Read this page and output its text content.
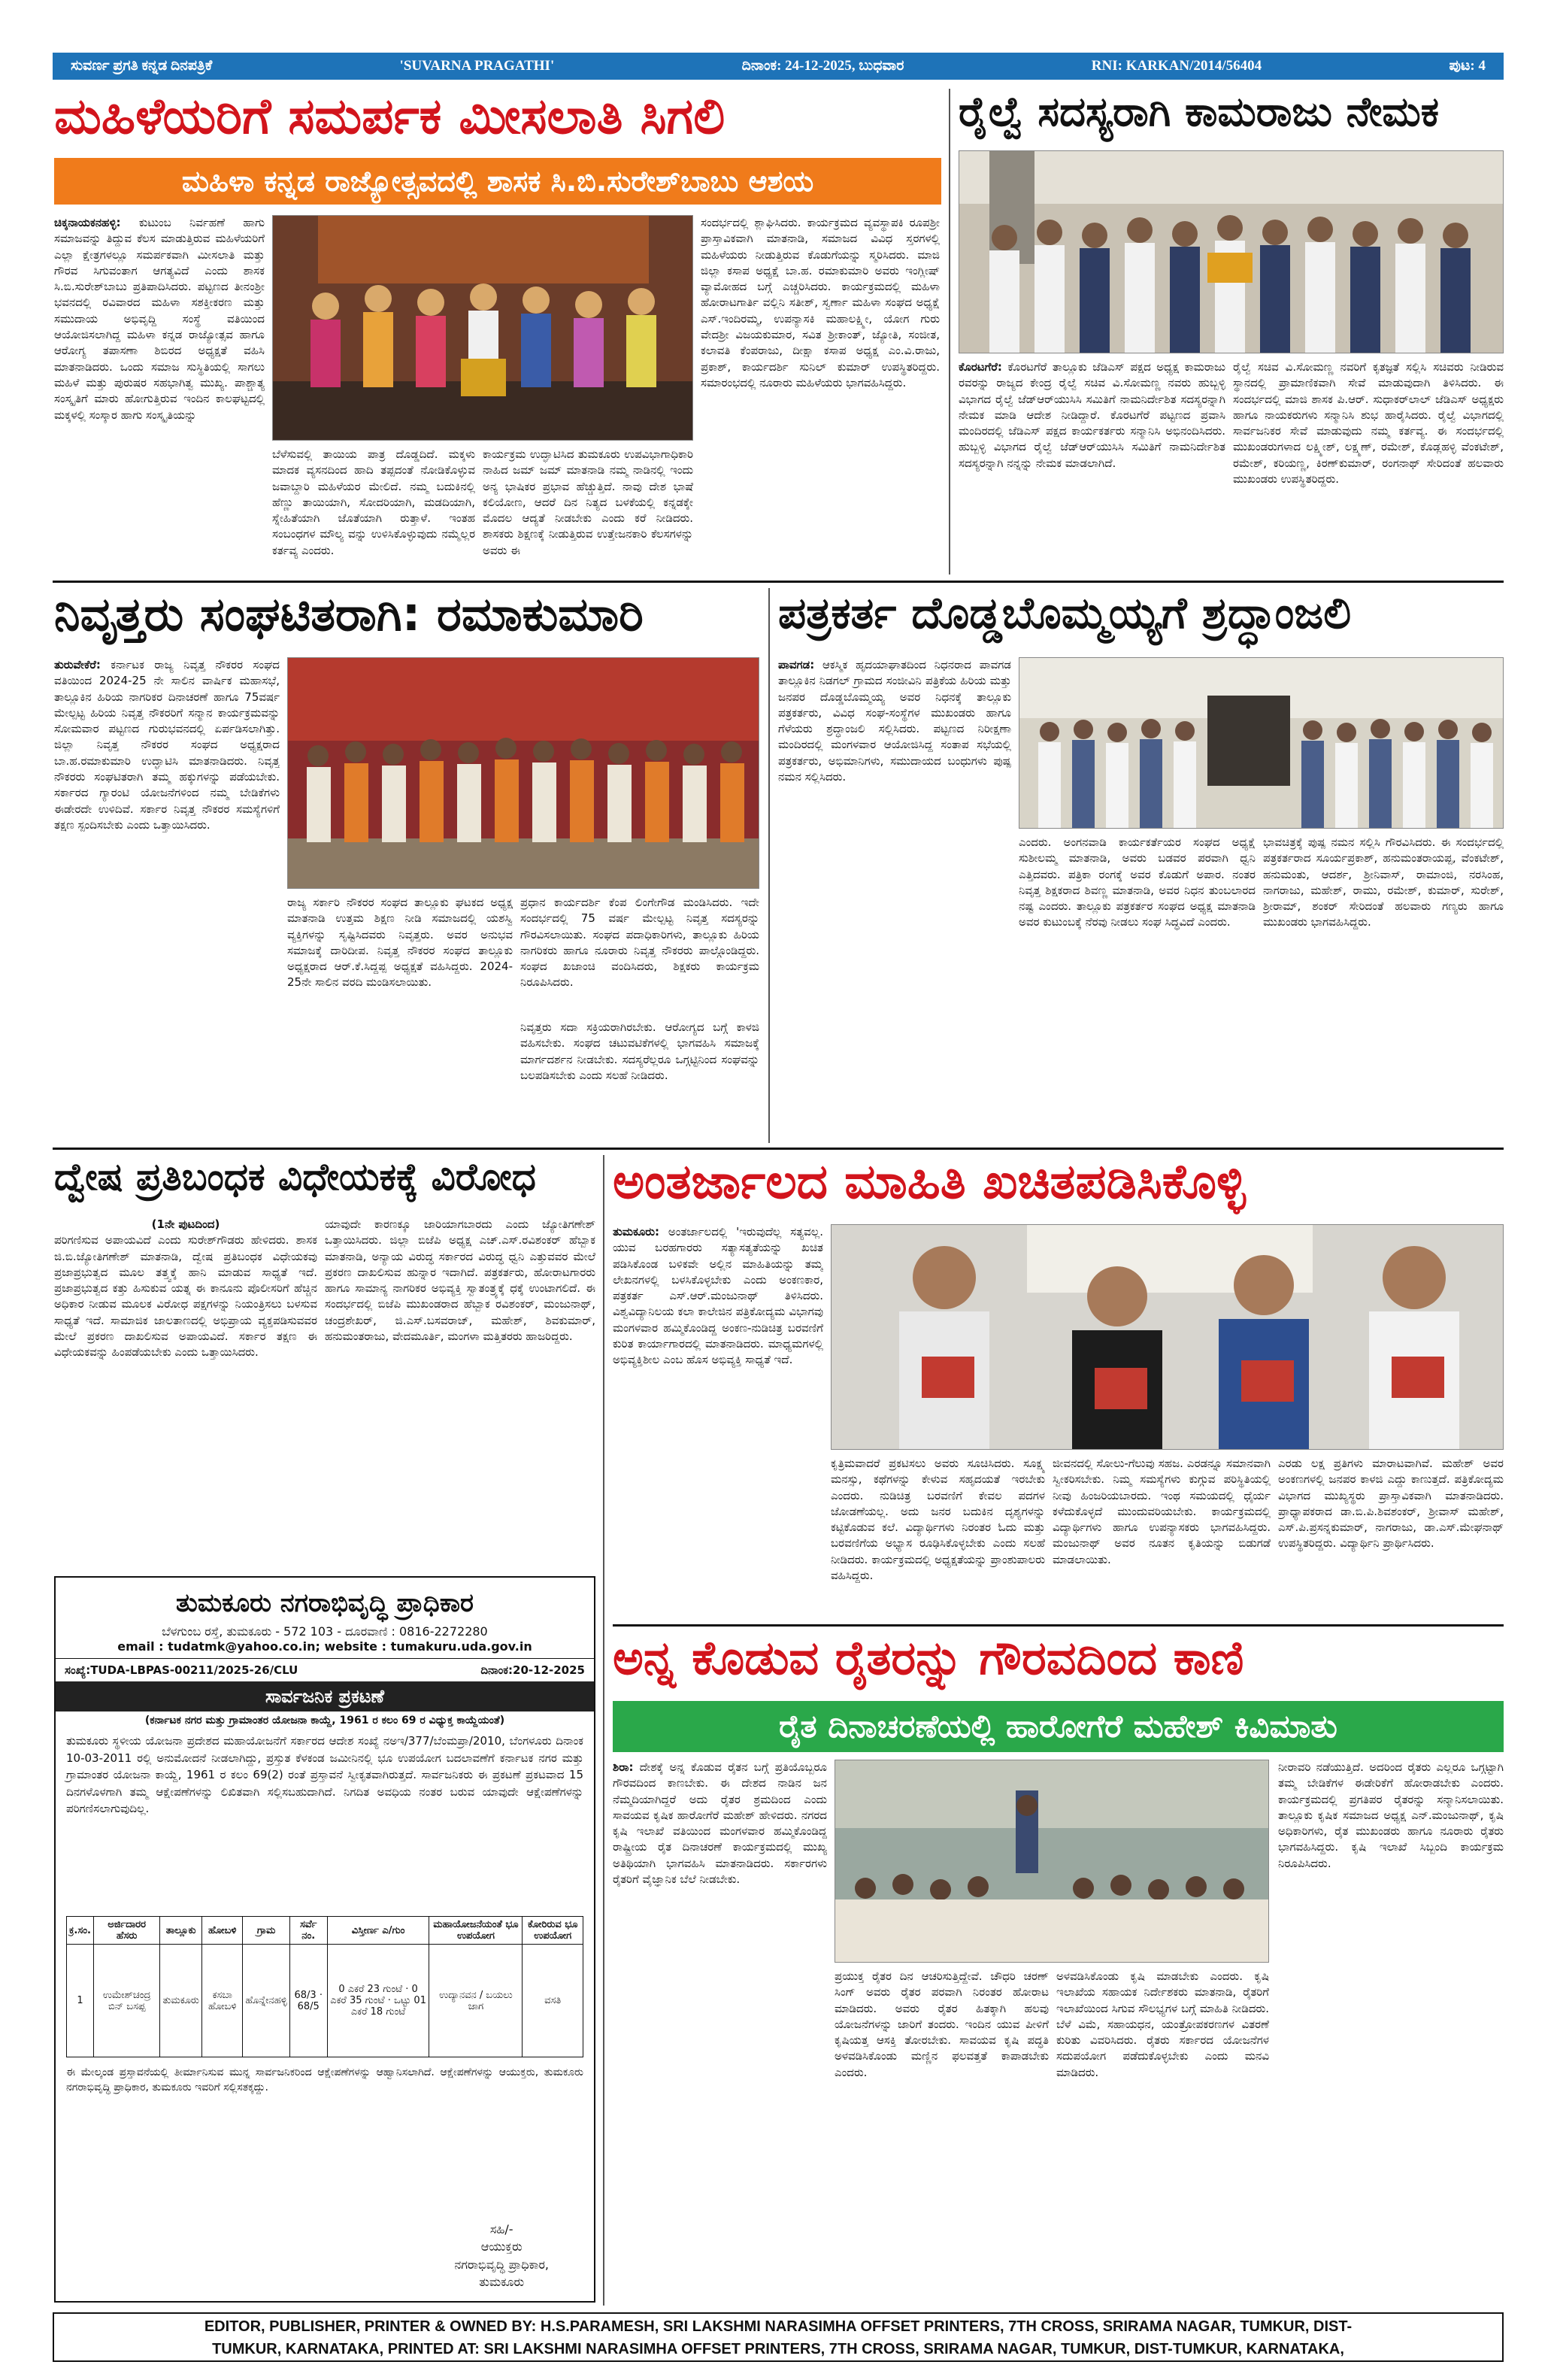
ಸುವರ್ಣ ಪ್ರಗತಿ ಕನ್ನಡ ದಿನಪತ್ರಿಕೆ	'SUVARNA PRAGATHI'	ದಿನಾಂಕ: 24-12-2025, ಬುಧವಾರ	RNI: KARKAN/2014/56404	ಪುಟ: 4
ಮಹಿಳೆಯರಿಗೆ ಸಮರ್ಪಕ ಮೀಸಲಾತಿ ಸಿಗಲಿ
ಮಹಿಳಾ ಕನ್ನಡ ರಾಜ್ಯೋತ್ಸವದಲ್ಲಿ ಶಾಸಕ ಸಿ.ಬಿ.ಸುರೇಶ್‌ಬಾಬು ಆಶಯ
ಚಿಕ್ಕನಾಯಕನಹಳ್ಳಿ: ಕುಟುಂಬ ನಿರ್ವಹಣೆ ಹಾಗು ಸಮಾಜವನ್ನು ತಿದ್ದುವ ಕೆಲಸ ಮಾಡುತ್ತಿರುವ ಮಹಿಳೆಯರಿಗೆ ಎಲ್ಲಾ ಕ್ಷೇತ್ರಗಳಲ್ಲೂ ಸಮರ್ಪಕವಾಗಿ ಮೀಸಲಾತಿ ಮತ್ತು ಗೌರವ ಸಿಗುವಂತಾಗ ಆಗತ್ಯವಿದೆ ಎಂದು ಶಾಸಕ ಸಿ.ಬಿ.ಸುರೇಶ್‌ಬಾಬು ಪ್ರತಿಪಾದಿಸಿದರು. ಪಟ್ಟಣದ ತೀನಂಶ್ರೀ ಭವನದಲ್ಲಿ ರವಿವಾರದ ಮಹಿಳಾ ಸಶಕ್ತೀಕರಣ ಮತ್ತು ಸಮುದಾಯ ಅಭಿವೃದ್ದಿ ಸಂಸ್ಥೆ ವತಿಯಿಂದ ಆಯೋಜಿಸಲಾಗಿದ್ದ ಮಹಿಳಾ ಕನ್ನಡ ರಾಜ್ಯೋತ್ಸವ ಹಾಗೂ ಆರೋಗ್ಯ ತಪಾಸಣಾ ಶಿಬಿರದ ಅಧ್ಯಕ್ಷತೆ ವಹಿಸಿ ಮಾತನಾಡಿದರು. ಒಂದು ಸಮಾಜ ಸುಸ್ಥಿತಿಯಲ್ಲಿ ಸಾಗಲು ಮಹಿಳೆ ಮತ್ತು ಪುರುಷರ ಸಹಭಾಗಿತ್ವ ಮುಖ್ಯ. ಪಾಶ್ಚಾತ್ಯ ಸಂಸ್ಕೃತಿಗೆ ಮಾರು ಹೋಗುತ್ತಿರುವ ಇಂದಿನ ಕಾಲಘಟ್ಟದಲ್ಲಿ ಮಕ್ಕಳಲ್ಲಿ ಸಂಸ್ಕಾರ ಹಾಗು ಸಂಸ್ಕೃತಿಯನ್ನು
ಬೆಳೆಸುವಲ್ಲಿ ತಾಯಿಯ ಪಾತ್ರ ದೊಡ್ಡದಿದೆ. ಮಕ್ಕಳು ಮಾದಕ ವ್ಯಸನದಿಂದ ಹಾದಿ ತಪ್ಪದಂತೆ ನೋಡಿಕೊಳ್ಳುವ ಜವಾಬ್ದಾರಿ ಮಹಿಳೆಯರ ಮೇಲಿದೆ. ನಮ್ಮ ಬದುಕಿನಲ್ಲಿ ಹೆಣ್ಣು ತಾಯಿಯಾಗಿ, ಸೋದರಿಯಾಗಿ, ಮಡದಿಯಾಗಿ, ಸ್ನೇಹಿತೆಯಾಗಿ ಜೊತೆಯಾಗಿ ರುತ್ತಾಳೆ. ಇಂತಹ ಸಂಬಂಧಗಳ ಮೌಲ್ಯ ವನ್ನು ಉಳಿಸಿಕೊಳ್ಳುವುದು ನಮ್ಮೆಲ್ಲರ ಕರ್ತವ್ಯ ಎಂದರು.
ಕಾರ್ಯಕ್ರಮ ಉದ್ಘಾಟಿಸಿದ ತುಮಕೂರು ಉಪವಿಭಾಗಾಧಿಕಾರಿ ನಾಹಿದ ಜಮ್ ಜಮ್ ಮಾತನಾಡಿ ನಮ್ಮ ನಾಡಿನಲ್ಲಿ ಇಂದು ಅನ್ಯ ಭಾಷಿಕರ ಪ್ರಭಾವ ಹೆಚ್ಚುತ್ತಿದೆ. ನಾವು ದೇಶ ಭಾಷೆ ಕಲಿಯೋಣ, ಆದರೆ ದಿನ ನಿತ್ಯದ ಬಳಕೆಯಲ್ಲಿ ಕನ್ನಡಕ್ಕೇ ಮೊದಲ ಆದ್ಯತೆ ನೀಡಬೇಕು ಎಂದು ಕರೆ ನೀಡಿದರು. ಶಾಸಕರು ಶಿಕ್ಷಣಕ್ಕೆ ನೀಡುತ್ತಿರುವ ಉತ್ತೇಜನಕಾರಿ ಕೆಲಸಗಳನ್ನು ಅವರು ಈ
ಸಂದರ್ಭದಲ್ಲಿ ಶ್ಲಾಘಿಸಿದರು. ಕಾರ್ಯಕ್ರಮದ ವ್ಯವಸ್ಥಾಪಕಿ ರೂಪಶ್ರೀ ಪ್ರಾಸ್ತಾವಿಕವಾಗಿ ಮಾತನಾಡಿ, ಸಮಾಜದ ವಿವಿಧ ಸ್ತರಗಳಲ್ಲಿ ಮಹಿಳೆಯರು ನೀಡುತ್ತಿರುವ ಕೊಡುಗೆಯನ್ನು ಸ್ಮರಿಸಿದರು. ಮಾಜಿ ಜಿಲ್ಲಾ ಕಸಾಪ ಅಧ್ಯಕ್ಷೆ ಬಾ.ಹ. ರಮಾಕುಮಾರಿ ಅವರು ಇಂಗ್ಲೀಷ್ ವ್ಯಾಮೋಹದ ಬಗ್ಗೆ ಎಚ್ಚರಿಸಿದರು. ಕಾರ್ಯಕ್ರಮದಲ್ಲಿ ಮಹಿಳಾ ಹೋರಾಟಗಾರ್ತಿ ವಲ್ಲಿನಿ ಸತೀಶ್, ಸ್ವರ್ಣಾ ಮಹಿಳಾ ಸಂಘದ ಅಧ್ಯಕ್ಷೆ ಎಸ್.ಇಂದಿರಮ್ಮ, ಉಪನ್ಯಾಸಕಿ ಮಹಾಲಕ್ಷ್ಮೀ, ಯೋಗ ಗುರು ವೇದಶ್ರೀ ವಿಜಯಕುಮಾರ, ಸವಿತ ಶ್ರೀಕಾಂತ್, ಜ್ಯೋತಿ, ಸಂಜೀತ, ಕಲಾವತಿ ಕೆಂಪರಾಜು, ದೀಕ್ಷಾ ಕಸಾಪ ಅಧ್ಯಕ್ಷ ಎಂ.ವಿ.ರಾಜು, ಪ್ರಕಾಶ್, ಕಾರ್ಯದರ್ಶಿ ಸುನಿಲ್ ಕುಮಾರ್ ಉಪಸ್ಥಿತರಿದ್ದರು. ಸಮಾರಂಭದಲ್ಲಿ ನೂರಾರು ಮಹಿಳೆಯರು ಭಾಗವಹಿಸಿದ್ದರು.
ರೈಲ್ವೆ ಸದಸ್ಯರಾಗಿ ಕಾಮರಾಜು ನೇಮಕ
ಕೊರಟಗೆರೆ: ಕೊರಟಗೆರೆ ತಾಲ್ಲೂಕು ಜೆಡಿಎಸ್ ಪಕ್ಷದ ಅಧ್ಯಕ್ಷ ಕಾಮರಾಜು ರವರನ್ನು ರಾಜ್ಯದ ಕೇಂದ್ರ ರೈಲ್ವೆ ಸಚಿವ ವಿ.ಸೋಮಣ್ಣ ನವರು ಹುಬ್ಬಳ್ಳಿ ವಿಭಾಗದ ರೈಲ್ವೆ ಜೆಡ್‌ಆರ್‌ಯುಸಿಸಿ ಸಮಿತಿಗೆ ನಾಮನಿರ್ದೇಶಿತ ಸದಸ್ಯರನ್ನಾಗಿ ನೇಮಕ ಮಾಡಿ ಆದೇಶ ನೀಡಿದ್ದಾರೆ. ಕೊರಟಗೆರೆ ಪಟ್ಟಣದ ಪ್ರವಾಸಿ ಮಂದಿರದಲ್ಲಿ ಜೆಡಿಎಸ್ ಪಕ್ಷದ ಕಾರ್ಯಕರ್ತರು ಸನ್ಮಾನಿಸಿ ಅಭಿನಂದಿಸಿದರು. ಹುಬ್ಬಳ್ಳಿ ವಿಭಾಗದ ರೈಲ್ವೆ ಜೆಡ್‌ಆರ್‌ಯುಸಿಸಿ ಸಮಿತಿಗೆ ನಾಮನಿರ್ದೇಶಿತ ಸದಸ್ಯರನ್ನಾಗಿ ನನ್ನನ್ನು ನೇಮಕ ಮಾಡಲಾಗಿದೆ.
ರೈಲ್ವೆ ಸಚಿವ ವಿ.ಸೋಮಣ್ಣ ನವರಿಗೆ ಕೃತಜ್ಞತೆ ಸಲ್ಲಿಸಿ ಸಚಿವರು ನೀಡಿರುವ ಸ್ಥಾನದಲ್ಲಿ ಪ್ರಾಮಾಣಿಕವಾಗಿ ಸೇವೆ ಮಾಡುವುದಾಗಿ ತಿಳಿಸಿದರು. ಈ ಸಂದರ್ಭದಲ್ಲಿ ಮಾಜಿ ಶಾಸಕ ಪಿ.ಆರ್. ಸುಧಾಕರ್‌ಲಾಲ್ ಜೆಡಿಎಸ್ ಅಧ್ಯಕ್ಷರು ಹಾಗೂ ನಾಯಕರುಗಳು ಸನ್ಮಾನಿಸಿ ಶುಭ ಹಾರೈಸಿದರು. ರೈಲ್ವೆ ವಿಭಾಗದಲ್ಲಿ ಸಾರ್ವಜನಿಕರ ಸೇವೆ ಮಾಡುವುದು ನಮ್ಮ ಕರ್ತವ್ಯ. ಈ ಸಂದರ್ಭದಲ್ಲಿ ಮುಖಂಡರುಗಳಾದ ಲಕ್ಷ್ಮೀಶ್, ಲಕ್ಷ್ಮಣ್, ರಮೇಶ್, ಕೊಡ್ಲಹಳ್ಳಿ ವೆಂಕಟೇಶ್, ರಮೇಶ್, ಕರಿಯಣ್ಣ, ಕಿರಣ್‌ಕುಮಾರ್, ರಂಗನಾಥ್ ಸೇರಿದಂತೆ ಹಲವಾರು ಮುಖಂಡರು ಉಪಸ್ಥಿತರಿದ್ದರು.
ನಿವೃತ್ತರು ಸಂಘಟಿತರಾಗಿ: ರಮಾಕುಮಾರಿ
ತುರುವೇಕೆರೆ: ಕರ್ನಾಟಕ ರಾಜ್ಯ ನಿವೃತ್ತ ನೌಕರರ ಸಂಘದ ವತಿಯಿಂದ 2024-25 ನೇ ಸಾಲಿನ ವಾರ್ಷಿಕ ಮಹಾಸಭೆ, ತಾಲ್ಲೂಕಿನ ಹಿರಿಯ ನಾಗರಿಕರ ದಿನಾಚರಣೆ ಹಾಗೂ 75ವರ್ಷ ಮೇಲ್ಪಟ್ಟ ಹಿರಿಯ ನಿವೃತ್ತ ನೌಕರರಿಗೆ ಸನ್ಮಾನ ಕಾರ್ಯಕ್ರಮವನ್ನು ಸೋಮವಾರ ಪಟ್ಟಣದ ಗುರುಭವನದಲ್ಲಿ ಏರ್ಪಡಿಸಲಾಗಿತ್ತು. ಜಿಲ್ಲಾ ನಿವೃತ್ತ ನೌಕರರ ಸಂಘದ ಅಧ್ಯಕ್ಷರಾದ ಬಾ.ಹ.ರಮಾಕುಮಾರಿ ಉದ್ಘಾಟಿಸಿ ಮಾತನಾಡಿದರು. ನಿವೃತ್ತ ನೌಕರರು ಸಂಘಟಿತರಾಗಿ ತಮ್ಮ ಹಕ್ಕುಗಳನ್ನು ಪಡೆಯಬೇಕು. ಸರ್ಕಾರದ ಗ್ಯಾರಂಟಿ ಯೋಜನೆಗಳಿಂದ ನಮ್ಮ ಬೇಡಿಕೆಗಳು ಈಡೇರದೇ ಉಳಿದಿವೆ. ಸರ್ಕಾರ ನಿವೃತ್ತ ನೌಕರರ ಸಮಸ್ಯೆಗಳಿಗೆ ತಕ್ಷಣ ಸ್ಪಂದಿಸಬೇಕು ಎಂದು ಒತ್ತಾಯಿಸಿದರು.
ರಾಜ್ಯ ಸರ್ಕಾರಿ ನೌಕರರ ಸಂಘದ ತಾಲ್ಲೂಕು ಘಟಕದ ಅಧ್ಯಕ್ಷ ಮಾತನಾಡಿ ಉತ್ತಮ ಶಿಕ್ಷಣ ನೀಡಿ ಸಮಾಜದಲ್ಲಿ ಯಶಸ್ವಿ ವ್ಯಕ್ತಿಗಳನ್ನು ಸೃಷ್ಟಿಸಿದವರು ನಿವೃತ್ತರು. ಅವರ ಅನುಭವ ಸಮಾಜಕ್ಕೆ ದಾರಿದೀಪ. ನಿವೃತ್ತ ನೌಕರರ ಸಂಘದ ತಾಲ್ಲೂಕು ಅಧ್ಯಕ್ಷರಾದ ಆರ್.ಕೆ.ಸಿದ್ದಪ್ಪ ಅಧ್ಯಕ್ಷತೆ ವಹಿಸಿದ್ದರು. 2024-25ನೇ ಸಾಲಿನ ವರದಿ ಮಂಡಿಸಲಾಯಿತು.
ಪ್ರಧಾನ ಕಾರ್ಯದರ್ಶಿ ಕೆಂಪ ಲಿಂಗೇಗೌಡ ಮಂಡಿಸಿದರು. ಇದೇ ಸಂದರ್ಭದಲ್ಲಿ 75 ವರ್ಷ ಮೇಲ್ಪಟ್ಟ ನಿವೃತ್ತ ಸದಸ್ಯರನ್ನು ಗೌರವಿಸಲಾಯಿತು. ಸಂಘದ ಪದಾಧಿಕಾರಿಗಳು, ತಾಲ್ಲೂಕು ಹಿರಿಯ ನಾಗರಿಕರು ಹಾಗೂ ನೂರಾರು ನಿವೃತ್ತ ನೌಕರರು ಪಾಲ್ಗೊಂಡಿದ್ದರು. ಸಂಘದ ಖಜಾಂಚಿ ವಂದಿಸಿದರು, ಶಿಕ್ಷಕರು ಕಾರ್ಯಕ್ರಮ ನಿರೂಪಿಸಿದರು.
ನಿವೃತ್ತರು ಸದಾ ಸಕ್ರಿಯರಾಗಿರಬೇಕು. ಆರೋಗ್ಯದ ಬಗ್ಗೆ ಕಾಳಜಿ ವಹಿಸಬೇಕು. ಸಂಘದ ಚಟುವಟಿಕೆಗಳಲ್ಲಿ ಭಾಗವಹಿಸಿ ಸಮಾಜಕ್ಕೆ ಮಾರ್ಗದರ್ಶನ ನೀಡಬೇಕು. ಸದಸ್ಯರೆಲ್ಲರೂ ಒಗ್ಗಟ್ಟಿನಿಂದ ಸಂಘವನ್ನು ಬಲಪಡಿಸಬೇಕು ಎಂದು ಸಲಹೆ ನೀಡಿದರು.
ಪತ್ರಕರ್ತ ದೊಡ್ಡಬೊಮ್ಮಯ್ಯಗೆ ಶ್ರದ್ಧಾಂಜಲಿ
ಪಾವಗಡ: ಆಕಸ್ಮಿಕ ಹೃದಯಾಘಾತದಿಂದ ನಿಧನರಾದ ಪಾವಗಡ ತಾಲ್ಲೂಕಿನ ನಿಡಗಲ್ ಗ್ರಾಮದ ಸಂಜೀವಿನಿ ಪತ್ರಿಕೆಯ ಹಿರಿಯ ಮತ್ತು ಜನಪರ ದೊಡ್ಡಬೊಮ್ಮಯ್ಯ ಅವರ ನಿಧನಕ್ಕೆ ತಾಲ್ಲೂಕು ಪತ್ರಕರ್ತರು, ವಿವಿಧ ಸಂಘ-ಸಂಸ್ಥೆಗಳ ಮುಖಂಡರು ಹಾಗೂ ಗೆಳೆಯರು ಶ್ರದ್ಧಾಂಜಲಿ ಸಲ್ಲಿಸಿದರು. ಪಟ್ಟಣದ ನಿರೀಕ್ಷಣಾ ಮಂದಿರದಲ್ಲಿ ಮಂಗಳವಾರ ಆಯೋಜಿಸಿದ್ದ ಸಂತಾಪ ಸಭೆಯಲ್ಲಿ ಪತ್ರಕರ್ತರು, ಅಭಿಮಾನಿಗಳು, ಸಮುದಾಯದ ಬಂಧುಗಳು ಪುಷ್ಪ ನಮನ ಸಲ್ಲಿಸಿದರು.
ಎಂದರು. ಅಂಗನವಾಡಿ ಕಾರ್ಯಕರ್ತೆಯರ ಸಂಘದ ಅಧ್ಯಕ್ಷೆ ಸುಶೀಲಮ್ಮ ಮಾತನಾಡಿ, ಅವರು ಬಡವರ ಪರವಾಗಿ ಧ್ವನಿ ಎತ್ತಿದವರು. ಪತ್ರಿಕಾ ರಂಗಕ್ಕೆ ಅವರ ಕೊಡುಗೆ ಅಪಾರ. ನಂತರ ನಿವೃತ್ತ ಶಿಕ್ಷಕರಾದ ಶಿವಣ್ಣ ಮಾತನಾಡಿ, ಅವರ ನಿಧನ ತುಂಬಲಾರದ ನಷ್ಟ ಎಂದರು. ತಾಲ್ಲೂಕು ಪತ್ರಕರ್ತರ ಸಂಘದ ಅಧ್ಯಕ್ಷ ಮಾತನಾಡಿ ಅವರ ಕುಟುಂಬಕ್ಕೆ ನೆರವು ನೀಡಲು ಸಂಘ ಸಿದ್ಧವಿದೆ ಎಂದರು.
ಭಾವಚಿತ್ರಕ್ಕೆ ಪುಷ್ಪ ನಮನ ಸಲ್ಲಿಸಿ ಗೌರವಿಸಿದರು. ಈ ಸಂದರ್ಭದಲ್ಲಿ ಪತ್ರಕರ್ತರಾದ ಸೂರ್ಯಪ್ರಕಾಶ್, ಹನುಮಂತರಾಯಪ್ಪ, ವೆಂಕಟೇಶ್, ಹನುಮಂತು, ಆದರ್ಶ, ಶ್ರೀನಿವಾಸ್, ರಾಮಾಂಜಿ, ನರಸಿಂಹ, ನಾಗರಾಜು, ಮಹೇಶ್, ರಾಮು, ರಮೇಶ್, ಕುಮಾರ್, ಸುರೇಶ್, ಶ್ರೀರಾಮ್, ಶಂಕರ್ ಸೇರಿದಂತೆ ಹಲವಾರು ಗಣ್ಯರು ಹಾಗೂ ಮುಖಂಡರು ಭಾಗವಹಿಸಿದ್ದರು.
ದ್ವೇಷ ಪ್ರತಿಬಂಧಕ ವಿಧೇಯಕಕ್ಕೆ ವಿರೋಧ
(1ನೇ ಪುಟದಿಂದ)
ಪರಿಗಣಿಸುವ ಅಪಾಯವಿದೆ ಎಂದು ಸುರೇಶ್‌ಗೌಡರು ಹೇಳಿದರು. ಶಾಸಕ ಜಿ.ಬಿ.ಜ್ಯೋತಿಗಣೇಶ್ ಮಾತನಾಡಿ, ದ್ವೇಷ ಪ್ರತಿಬಂಧಕ ವಿಧೇಯಕವು ಪ್ರಜಾಪ್ರಭುತ್ವದ ಮೂಲ ತತ್ತ್ವಕ್ಕೆ ಹಾನಿ ಮಾಡುವ ಸಾಧ್ಯತೆ ಇದೆ. ಪ್ರಜಾಪ್ರಭುತ್ವದ ಕತ್ತು ಹಿಸುಕುವ ಯತ್ನ ಈ ಕಾನೂನು ಪೊಲೀಸರಿಗೆ ಹೆಚ್ಚಿನ ಅಧಿಕಾರ ನೀಡುವ ಮೂಲಕ ವಿರೋಧ ಪಕ್ಷಗಳನ್ನು ನಿಯಂತ್ರಿಸಲು ಬಳಸುವ ಸಾಧ್ಯತೆ ಇದೆ. ಸಾಮಾಜಿಕ ಜಾಲತಾಣದಲ್ಲಿ ಅಭಿಪ್ರಾಯ ವ್ಯಕ್ತಪಡಿಸುವವರ ಮೇಲೆ ಪ್ರಕರಣ ದಾಖಲಿಸುವ ಅಪಾಯವಿದೆ. ಸರ್ಕಾರ ತಕ್ಷಣ ಈ ವಿಧೇಯಕವನ್ನು ಹಿಂಪಡೆಯಬೇಕು ಎಂದು ಒತ್ತಾಯಿಸಿದರು.
ಯಾವುದೇ ಕಾರಣಕ್ಕೂ ಜಾರಿಯಾಗಬಾರದು ಎಂದು ಜ್ಯೋತಿಗಣೇಶ್ ಒತ್ತಾಯಿಸಿದರು. ಜಿಲ್ಲಾ ಬಿಜೆಪಿ ಅಧ್ಯಕ್ಷ ಎಚ್.ಎಸ್.ರವಿಶಂಕರ್ ಹೆಬ್ಬಾಕ ಮಾತನಾಡಿ, ಅನ್ಯಾಯ ವಿರುದ್ಧ ಸರ್ಕಾರದ ವಿರುದ್ಧ ಧ್ವನಿ ಎತ್ತುವವರ ಮೇಲೆ ಪ್ರಕರಣ ದಾಖಲಿಸುವ ಹುನ್ನಾರ ಇದಾಗಿದೆ. ಪತ್ರಕರ್ತರು, ಹೋರಾಟಗಾರರು ಹಾಗೂ ಸಾಮಾನ್ಯ ನಾಗರಿಕರ ಅಭಿವ್ಯಕ್ತಿ ಸ್ವಾತಂತ್ರ್ಯಕ್ಕೆ ಧಕ್ಕೆ ಉಂಟಾಗಲಿದೆ. ಈ ಸಂದರ್ಭದಲ್ಲಿ ಬಿಜೆಪಿ ಮುಖಂಡರಾದ ಹೆಬ್ಬಾಕ ರವಿಶಂಕರ್, ಮಂಜುನಾಥ್, ಚಂದ್ರಶೇಖರ್, ಜಿ.ಎಸ್.ಬಸವರಾಜ್, ಮಹೇಶ್, ಶಿವಕುಮಾರ್, ಹನುಮಂತರಾಜು, ವೇದಮೂರ್ತಿ, ಮಂಗಳಾ ಮತ್ತಿತರರು ಹಾಜರಿದ್ದರು.
ತುಮಕೂರು ನಗರಾಭಿವೃದ್ಧಿ ಪ್ರಾಧಿಕಾರ
ಬೆಳಗುಂಬ ರಸ್ತೆ, ತುಮಕೂರು - 572 103 - ದೂರವಾಣಿ : 0816-2272280
email : tudatmk@yahoo.co.in; website : tumakuru.uda.gov.in
ಸಂಖ್ಯೆ:TUDA-LBPAS-00211/2025-26/CLU	ದಿನಾಂಕ:20-12-2025
ಸಾರ್ವಜನಿಕ ಪ್ರಕಟಣೆ
(ಕರ್ನಾಟಕ ನಗರ ಮತ್ತು ಗ್ರಾಮಾಂತರ ಯೋಜನಾ ಕಾಯ್ದೆ, 1961 ರ ಕಲಂ 69 ರ ವಿಧ್ಯುಕ್ತ ಕಾಯ್ದೆಯಂತೆ)
ತುಮಕೂರು ಸ್ಥಳೀಯ ಯೋಜನಾ ಪ್ರದೇಶದ ಮಹಾಯೋಜನೆಗೆ ಸರ್ಕಾರದ ಆದೇಶ ಸಂಖ್ಯೆ ನಅಇ/377/ಬೆಂಮಪ್ರಾ/2010, ಬೆಂಗಳೂರು ದಿನಾಂಕ 10-03-2011 ರಲ್ಲಿ ಅನುಮೋದನೆ ನೀಡಲಾಗಿದ್ದು, ಪ್ರಸ್ತುತ ಕೆಳಕಂಡ ಜಮೀನಿನಲ್ಲಿ ಭೂ ಉಪಯೋಗ ಬದಲಾವಣೆಗೆ ಕರ್ನಾಟಕ ನಗರ ಮತ್ತು ಗ್ರಾಮಾಂತರ ಯೋಜನಾ ಕಾಯ್ದೆ, 1961 ರ ಕಲಂ 69(2) ರಂತೆ ಪ್ರಸ್ತಾವನೆ ಸ್ವೀಕೃತವಾಗಿರುತ್ತದೆ. ಸಾರ್ವಜನಿಕರು ಈ ಪ್ರಕಟಣೆ ಪ್ರಕಟವಾದ 15 ದಿನಗಳೊಳಗಾಗಿ ತಮ್ಮ ಆಕ್ಷೇಪಣೆಗಳನ್ನು ಲಿಖಿತವಾಗಿ ಸಲ್ಲಿಸಬಹುದಾಗಿದೆ. ನಿಗದಿತ ಅವಧಿಯ ನಂತರ ಬರುವ ಯಾವುದೇ ಆಕ್ಷೇಪಣೆಗಳನ್ನು ಪರಿಗಣಿಸಲಾಗುವುದಿಲ್ಲ.
ಕ್ರ.ಸಂ.	ಅರ್ಜಿದಾರರ ಹೆಸರು	ತಾಲ್ಲೂಕು	ಹೋಬಳಿ	ಗ್ರಾಮ	ಸರ್ವೆ ನಂ.	ವಿಸ್ತೀರ್ಣ ಎ/ಗುಂ	ಮಹಾಯೋಜನೆಯಂತೆ ಭೂ ಉಪಯೋಗ	ಕೋರಿರುವ ಭೂ ಉಪಯೋಗ
1	ಉಮೇಶ್‌ಚಂದ್ರ ಬಿನ್ ಬಸಪ್ಪ	ತುಮಕೂರು	ಕಸಬಾ ಹೋಬಳಿ	ಹೊನ್ನೇನಹಳ್ಳಿ	68/3 · 68/5	0 ಎಕರೆ 23 ಗುಂಟೆ · 0 ಎಕರೆ 35 ಗುಂಟೆ · ಒಟ್ಟು 01 ಎಕರೆ 18 ಗುಂಟೆ	ಉದ್ಯಾನವನ / ಬಯಲು ಜಾಗ	ವಸತಿ
ಈ ಮೇಲ್ಕಂಡ ಪ್ರಸ್ತಾವನೆಯಲ್ಲಿ ತೀರ್ಮಾನಿಸುವ ಮುನ್ನ ಸಾರ್ವಜನಿಕರಿಂದ ಆಕ್ಷೇಪಣೆಗಳನ್ನು ಆಹ್ವಾನಿಸಲಾಗಿದೆ. ಆಕ್ಷೇಪಣೆಗಳನ್ನು ಆಯುಕ್ತರು, ತುಮಕೂರು ನಗರಾಭಿವೃದ್ಧಿ ಪ್ರಾಧಿಕಾರ, ತುಮಕೂರು ಇವರಿಗೆ ಸಲ್ಲಿಸತಕ್ಕದ್ದು.
ಸಹಿ/-
ಆಯುಕ್ತರು
ನಗರಾಭಿವೃದ್ಧಿ ಪ್ರಾಧಿಕಾರ,
ತುಮಕೂರು
ಅಂತರ್ಜಾಲದ ಮಾಹಿತಿ ಖಚಿತಪಡಿಸಿಕೊಳ್ಳಿ
ತುಮಕೂರು: ಅಂತರ್ಜಾಲದಲ್ಲಿ 'ಇರುವುದೆಲ್ಲ ಸತ್ಯವಲ್ಲ. ಯುವ ಬರಹಗಾರರು ಸತ್ಯಾಸತ್ಯತೆಯನ್ನು ಖಚಿತ ಪಡಿಸಿಕೊಂಡ ಬಳಿಕವೇ ಅಲ್ಲಿನ ಮಾಹಿತಿಯನ್ನು ತಮ್ಮ ಲೇಖನಗಳಲ್ಲಿ ಬಳಸಿಕೊಳ್ಳಬೇಕು ಎಂದು ಅಂಕಣಕಾರ, ಪತ್ರಕರ್ತ ಎಸ್.ಆರ್.ಮಂಜುನಾಥ್ ತಿಳಿಸಿದರು. ವಿಶ್ವವಿದ್ಯಾನಿಲಯ ಕಲಾ ಕಾಲೇಜಿನ ಪತ್ರಿಕೋದ್ಯಮ ವಿಭಾಗವು ಮಂಗಳವಾರ ಹಮ್ಮಿಕೊಂಡಿದ್ದ ಅಂಕಣ-ನುಡಿಚಿತ್ರ ಬರವಣಿಗೆ ಕುರಿತ ಕಾರ್ಯಾಗಾರದಲ್ಲಿ ಮಾತನಾಡಿದರು. ಮಾಧ್ಯಮಗಳಲ್ಲಿ ಅಭಿವ್ಯಕ್ತಿಶೀಲ ಎಂಬ ಹೊಸ ಅಭಿವ್ಯಕ್ತಿ ಸಾಧ್ಯತೆ ಇದೆ.
ಕೃತ್ರಿಮವಾದರೆ ಪ್ರಕಟಿಸಲು ಅವರು ಸೂಚಿಸಿದರು. ಸೂಕ್ಷ್ಮ ಮನಸ್ಸು, ಕಥೆಗಳನ್ನು ಕೇಳುವ ಸಹೃದಯತೆ ಇರಬೇಕು ಎಂದರು. ನುಡಿಚಿತ್ರ ಬರವಣಿಗೆ ಕೇವಲ ಪದಗಳ ಜೋಡಣೆಯಲ್ಲ. ಅದು ಜನರ ಬದುಕಿನ ದೃಶ್ಯಗಳನ್ನು ಕಟ್ಟಿಕೊಡುವ ಕಲೆ. ವಿದ್ಯಾರ್ಥಿಗಳು ನಿರಂತರ ಓದು ಮತ್ತು ಬರವಣಿಗೆಯ ಅಭ್ಯಾಸ ರೂಢಿಸಿಕೊಳ್ಳಬೇಕು ಎಂದು ಸಲಹೆ ನೀಡಿದರು. ಕಾರ್ಯಕ್ರಮದಲ್ಲಿ ಅಧ್ಯಕ್ಷತೆಯನ್ನು ಪ್ರಾಂಶುಪಾಲರು ವಹಿಸಿದ್ದರು.
ಜೀವನದಲ್ಲಿ ಸೋಲು-ಗೆಲುವು ಸಹಜ. ಎರಡನ್ನೂ ಸಮಾನವಾಗಿ ಸ್ವೀಕರಿಸಬೇಕು. ನಿಮ್ಮ ಸಮಸ್ಯೆಗಳು ಕುಗ್ಗುವ ಪರಿಸ್ಥಿತಿಯಲ್ಲಿ ನೀವು ಹಿಂಜರಿಯಬಾರದು. ಇಂಥ ಸಮಯದಲ್ಲಿ ಧೈರ್ಯ ಕಳೆದುಕೊಳ್ಳದೆ ಮುಂದುವರಿಯಬೇಕು. ಕಾರ್ಯಕ್ರಮದಲ್ಲಿ ವಿದ್ಯಾರ್ಥಿಗಳು ಹಾಗೂ ಉಪನ್ಯಾಸಕರು ಭಾಗವಹಿಸಿದ್ದರು. ಮಂಜುನಾಥ್ ಅವರ ನೂತನ ಕೃತಿಯನ್ನು ಬಿಡುಗಡೆ ಮಾಡಲಾಯಿತು.
ಎರಡು ಲಕ್ಷ ಪ್ರತಿಗಳು ಮಾರಾಟವಾಗಿವೆ. ಮಹೇಶ್ ಅವರ ಅಂಕಣಗಳಲ್ಲಿ ಜನಪರ ಕಾಳಜಿ ಎದ್ದು ಕಾಣುತ್ತದೆ. ಪತ್ರಿಕೋದ್ಯಮ ವಿಭಾಗದ ಮುಖ್ಯಸ್ಥರು ಪ್ರಾಸ್ತಾವಿಕವಾಗಿ ಮಾತನಾಡಿದರು. ಪ್ರಾಧ್ಯಾಪಕರಾದ ಡಾ.ಬಿ.ಪಿ.ಶಿವಶಂಕರ್, ಶ್ರೀವಾಸ್ ಮಹೇಶ್, ಎಸ್.ಪಿ.ಪ್ರಸನ್ನಕುಮಾರ್, ನಾಗರಾಜು, ಡಾ.ಎಸ್.ಮೇಘನಾಥ್ ಉಪಸ್ಥಿತರಿದ್ದರು. ವಿದ್ಯಾರ್ಥಿನಿ ಪ್ರಾರ್ಥಿಸಿದರು.
ಅನ್ನ ಕೊಡುವ ರೈತರನ್ನು ಗೌರವದಿಂದ ಕಾಣಿ
ರೈತ ದಿನಾಚರಣೆಯಲ್ಲಿ ಹಾರೋಗೆರೆ ಮಹೇಶ್ ಕಿವಿಮಾತು
ಶಿರಾ: ದೇಶಕ್ಕೆ ಅನ್ನ ಕೊಡುವ ರೈತನ ಬಗ್ಗೆ ಪ್ರತಿಯೊಬ್ಬರೂ ಗೌರವದಿಂದ ಕಾಣಬೇಕು. ಈ ದೇಶದ ನಾಡಿನ ಜನ ನೆಮ್ಮದಿಯಾಗಿದ್ದರೆ ಅದು ರೈತರ ಶ್ರಮದಿಂದ ಎಂದು ಸಾವಯವ ಕೃಷಿಕ ಹಾರೋಗೆರೆ ಮಹೇಶ್ ಹೇಳಿದರು. ನಗರದ ಕೃಷಿ ಇಲಾಖೆ ವತಿಯಿಂದ ಮಂಗಳವಾರ ಹಮ್ಮಿಕೊಂಡಿದ್ದ ರಾಷ್ಟ್ರೀಯ ರೈತ ದಿನಾಚರಣೆ ಕಾರ್ಯಕ್ರಮದಲ್ಲಿ ಮುಖ್ಯ ಅತಿಥಿಯಾಗಿ ಭಾಗವಹಿಸಿ ಮಾತನಾಡಿದರು. ಸರ್ಕಾರಗಳು ರೈತರಿಗೆ ವೈಜ್ಞಾನಿಕ ಬೆಲೆ ನೀಡಬೇಕು.
ಪ್ರಯುಕ್ತ ರೈತರ ದಿನ ಆಚರಿಸುತ್ತಿದ್ದೇವೆ. ಚೌಧರಿ ಚರಣ್ ಸಿಂಗ್ ಅವರು ರೈತರ ಪರವಾಗಿ ನಿರಂತರ ಹೋರಾಟ ಮಾಡಿದರು. ಅವರು ರೈತರ ಹಿತಕ್ಕಾಗಿ ಹಲವು ಯೋಜನೆಗಳನ್ನು ಜಾರಿಗೆ ತಂದರು. ಇಂದಿನ ಯುವ ಪೀಳಿಗೆ ಕೃಷಿಯತ್ತ ಆಸಕ್ತಿ ತೋರಬೇಕು. ಸಾವಯವ ಕೃಷಿ ಪದ್ಧತಿ ಅಳವಡಿಸಿಕೊಂಡು ಮಣ್ಣಿನ ಫಲವತ್ತತೆ ಕಾಪಾಡಬೇಕು ಎಂದರು.
ಅಳವಡಿಸಿಕೊಂಡು ಕೃಷಿ ಮಾಡಬೇಕು ಎಂದರು. ಕೃಷಿ ಇಲಾಖೆಯ ಸಹಾಯಕ ನಿರ್ದೇಶಕರು ಮಾತನಾಡಿ, ರೈತರಿಗೆ ಇಲಾಖೆಯಿಂದ ಸಿಗುವ ಸೌಲಭ್ಯಗಳ ಬಗ್ಗೆ ಮಾಹಿತಿ ನೀಡಿದರು. ಬೆಳೆ ವಿಮೆ, ಸಹಾಯಧನ, ಯಂತ್ರೋಪಕರಣಗಳ ವಿತರಣೆ ಕುರಿತು ವಿವರಿಸಿದರು. ರೈತರು ಸರ್ಕಾರದ ಯೋಜನೆಗಳ ಸದುಪಯೋಗ ಪಡೆದುಕೊಳ್ಳಬೇಕು ಎಂದು ಮನವಿ ಮಾಡಿದರು.
ನೀರಾವರಿ ನಡೆಯುತ್ತಿದೆ. ಅದರಿಂದ ರೈತರು ಎಲ್ಲರೂ ಒಗ್ಗಟ್ಟಾಗಿ ತಮ್ಮ ಬೇಡಿಕೆಗಳ ಈಡೇರಿಕೆಗೆ ಹೋರಾಡಬೇಕು ಎಂದರು. ಕಾರ್ಯಕ್ರಮದಲ್ಲಿ ಪ್ರಗತಿಪರ ರೈತರನ್ನು ಸನ್ಮಾನಿಸಲಾಯಿತು. ತಾಲ್ಲೂಕು ಕೃಷಿಕ ಸಮಾಜದ ಅಧ್ಯಕ್ಷ ಎನ್.ಮಂಜುನಾಥ್, ಕೃಷಿ ಅಧಿಕಾರಿಗಳು, ರೈತ ಮುಖಂಡರು ಹಾಗೂ ನೂರಾರು ರೈತರು ಭಾಗವಹಿಸಿದ್ದರು. ಕೃಷಿ ಇಲಾಖೆ ಸಿಬ್ಬಂದಿ ಕಾರ್ಯಕ್ರಮ ನಿರೂಪಿಸಿದರು.
EDITOR, PUBLISHER, PRINTER & OWNED BY: H.S.PARAMESH, SRI LAKSHMI NARASIMHA OFFSET PRINTERS, 7TH CROSS, SRIRAMA NAGAR, TUMKUR, DIST-
TUMKUR, KARNATAKA, PRINTED AT: SRI LAKSHMI NARASIMHA OFFSET PRINTERS, 7TH CROSS, SRIRAMA NAGAR, TUMKUR, DIST-TUMKUR, KARNATAKA,
